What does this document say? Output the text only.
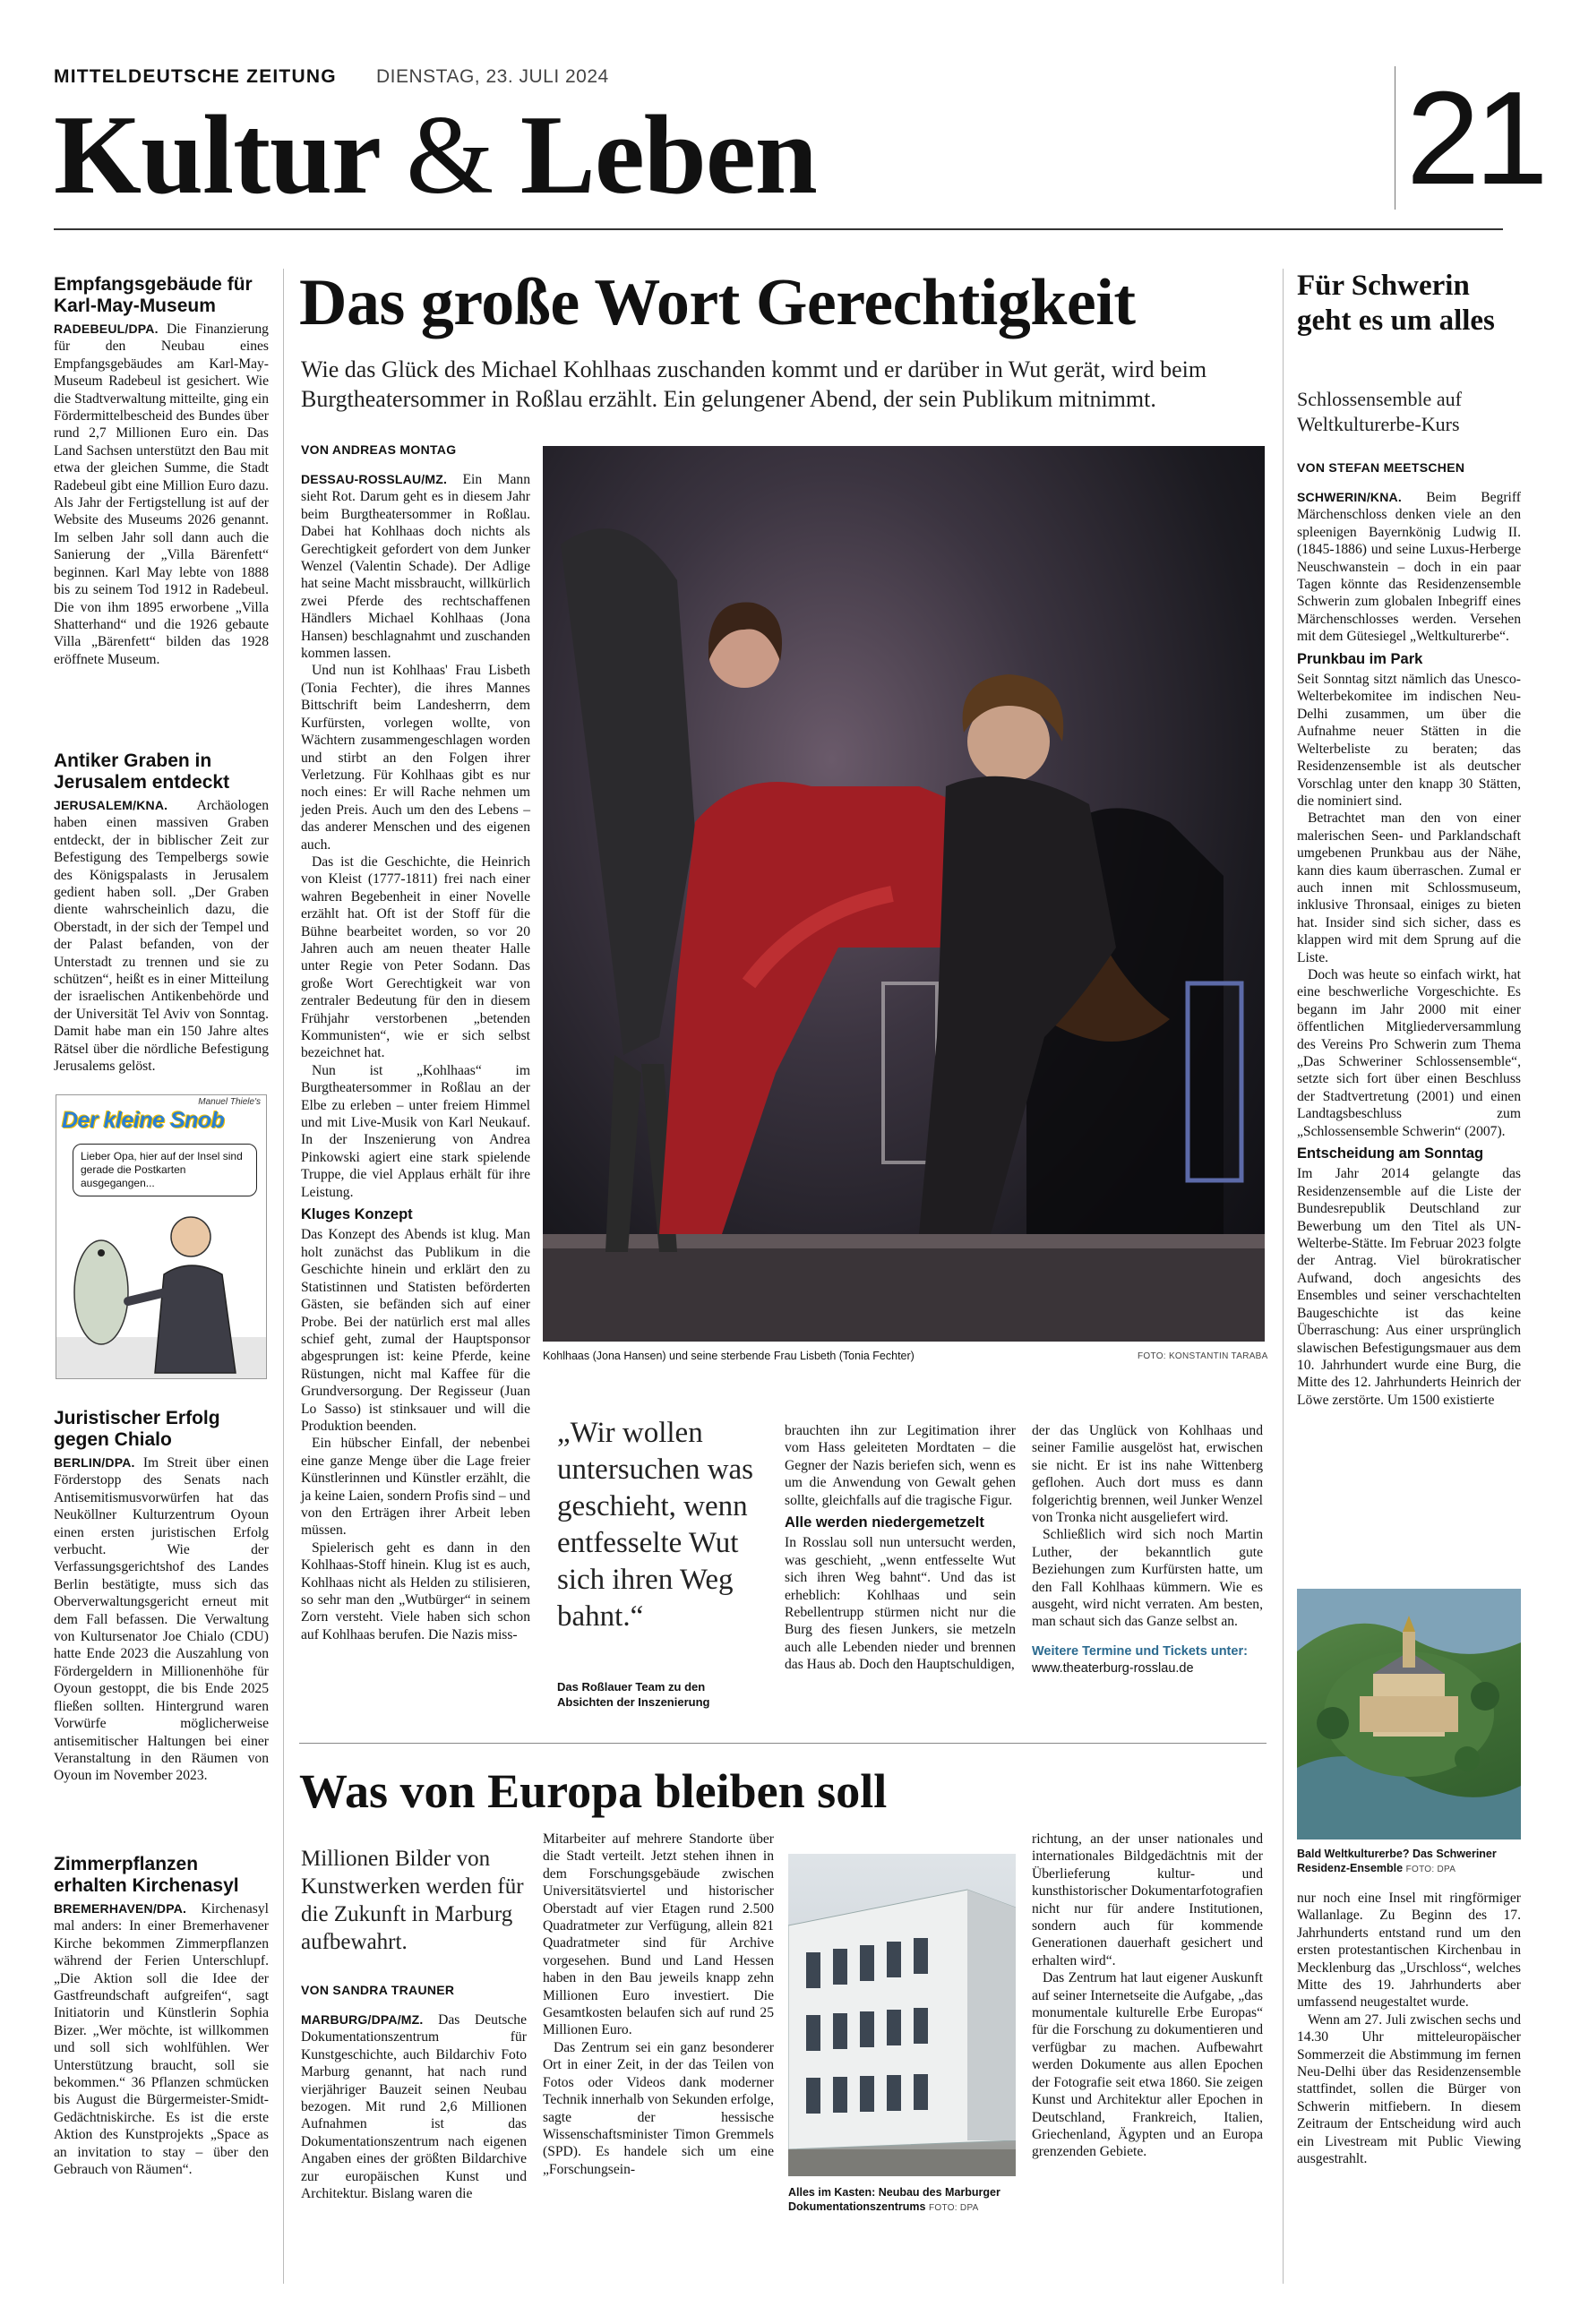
MITTELDEUTSCHE ZEITUNG DIENSTAG, 23. JULI 2024
Kultur & Leben	21
Empfangsgebäude für Karl-May-Museum
RADEBEUL/DPA. Die Finanzierung für den Neubau eines Empfangsgebäudes am Karl-May-Museum Radebeul ist gesichert. Wie die Stadtverwaltung mitteilte, ging ein Fördermittelbescheid des Bundes über rund 2,7 Millionen Euro ein. Das Land Sachsen unterstützt den Bau mit etwa der gleichen Summe, die Stadt Radebeul gibt eine Million Euro dazu. Als Jahr der Fertigstellung ist auf der Website des Museums 2026 genannt. Im selben Jahr soll dann auch die Sanierung der „Villa Bärenfett“ beginnen. Karl May lebte von 1888 bis zu seinem Tod 1912 in Radebeul. Die von ihm 1895 erworbene „Villa Shatterhand“ und die 1926 gebaute Villa „Bärenfett“ bilden das 1928 eröffnete Museum.
Antiker Graben in Jerusalem entdeckt
JERUSALEM/KNA. Archäologen haben einen massiven Graben entdeckt, der in biblischer Zeit zur Befestigung des Tempelbergs sowie des Königspalasts in Jerusalem gedient haben soll. „Der Graben diente wahrscheinlich dazu, die Oberstadt, in der sich der Tempel und der Palast befanden, von der Unterstadt zu trennen und sie zu schützen“, heißt es in einer Mitteilung der israelischen Antikenbehörde und der Universität Tel Aviv von Sonntag. Damit habe man ein 150 Jahre altes Rätsel über die nördliche Befestigung Jerusalems gelöst.
Manuel Thiele's
Der kleine Snob
Lieber Opa, hier auf der Insel sind gerade die Postkarten ausgegangen...
Juristischer Erfolg gegen Chialo
BERLIN/DPA. Im Streit über einen Förderstopp des Senats nach Antisemitismusvorwürfen hat das Neuköllner Kulturzentrum Oyoun einen ersten juristischen Erfolg verbucht. Wie der Verfassungsgerichtshof des Landes Berlin bestätigte, muss sich das Oberverwaltungsgericht erneut mit dem Fall befassen. Die Verwaltung von Kultursenator Joe Chialo (CDU) hatte Ende 2023 die Auszahlung von Fördergeldern in Millionenhöhe für Oyoun gestoppt, die bis Ende 2025 fließen sollten. Hintergrund waren Vorwürfe möglicherweise antisemitischer Haltungen bei einer Veranstaltung in den Räumen von Oyoun im November 2023.
Zimmerpflanzen erhalten Kirchenasyl
BREMERHAVEN/DPA. Kirchenasyl mal anders: In einer Bremerhavener Kirche bekommen Zimmerpflanzen während der Ferien Unterschlupf. „Die Aktion soll die Idee der Gastfreundschaft aufgreifen“, sagt Initiatorin und Künstlerin Sophia Bizer. „Wer möchte, ist willkommen und soll sich wohlfühlen. Wer Unterstützung braucht, soll sie bekommen.“ 36 Pflanzen schmücken bis August die Bürgermeister-Smidt-Gedächtniskirche. Es ist die erste Aktion des Kunstprojekts „Space as an invitation to stay – über den Gebrauch von Räumen“.
Das große Wort Gerechtigkeit
Wie das Glück des Michael Kohlhaas zuschanden kommt und er darüber in Wut gerät, wird beim Burgtheatersommer in Roßlau erzählt. Ein gelungener Abend, der sein Publikum mitnimmt.
VON ANDREAS MONTAG

DESSAU-ROSSLAU/MZ. Ein Mann sieht Rot. Darum geht es in diesem Jahr beim Burgtheatersommer in Roßlau. Dabei hat Kohlhaas doch nichts als Gerechtigkeit gefordert von dem Junker Wenzel (Valentin Schade). Der Adlige hat seine Macht missbraucht, willkürlich zwei Pferde des rechtschaffenen Händlers Michael Kohlhaas (Jona Hansen) beschlagnahmt und zuschanden kommen lassen.

Und nun ist Kohlhaas' Frau Lisbeth (Tonia Fechter), die ihres Mannes Bittschrift beim Landesherrn, dem Kurfürsten, vorlegen wollte, von Wächtern zusammengeschlagen worden und stirbt an den Folgen ihrer Verletzung. Für Kohlhaas gibt es nur noch eines: Er will Rache nehmen um jeden Preis. Auch um den des Lebens – das anderer Menschen und des eigenen auch.

Das ist die Geschichte, die Heinrich von Kleist (1777-1811) frei nach einer wahren Begebenheit in einer Novelle erzählt hat. Oft ist der Stoff für die Bühne bearbeitet worden, so vor 20 Jahren auch am neuen theater Halle unter Regie von Peter Sodann. Das große Wort Gerechtigkeit war von zentraler Bedeutung für den in diesem Frühjahr verstorbenen „betenden Kommunisten“, wie er sich selbst bezeichnet hat.

Nun ist „Kohlhaas“ im Burgtheatersommer in Roßlau an der Elbe zu erleben – unter freiem Himmel und mit Live-Musik von Karl Neukauf. In der Inszenierung von Andrea Pinkowski agiert eine stark spielende Truppe, die viel Applaus erhält für ihre Leistung.

Kluges Konzept

Das Konzept des Abends ist klug. Man holt zunächst das Publikum in die Geschichte hinein und erklärt den zu Statistinnen und Statisten beförderten Gästen, sie befänden sich auf einer Probe. Bei der natürlich erst mal alles schief geht, zumal der Hauptsponsor abgesprungen ist: keine Pferde, keine Rüstungen, nicht mal Kaffee für die Grundversorgung. Der Regisseur (Juan Lo Sasso) ist stinksauer und will die Produktion beenden.

Ein hübscher Einfall, der nebenbei eine ganze Menge über die Lage freier Künstlerinnen und Künstler erzählt, die ja keine Laien, sondern Profis sind – und von den Erträgen ihrer Arbeit leben müssen.

Spielerisch geht es dann in den Kohlhaas-Stoff hinein. Klug ist es auch, Kohlhaas nicht als Helden zu stilisieren, so sehr man den „Wutbürger“ in seinem Zorn versteht. Viele haben sich schon auf Kohlhaas berufen. Die Nazis miss-

Kohlhaas (Jona Hansen) und seine sterbende Frau Lisbeth (Tonia Fechter)	FOTO: KONSTANTIN TARABA
„Wir wollen untersuchen was geschieht, wenn entfesselte Wut sich ihren Weg bahnt.“
Das Roßlauer Team zu den Absichten der Inszenierung

brauchten ihn zur Legitimation ihrer vom Hass geleiteten Mordtaten – die Gegner der Nazis beriefen sich, wenn es um die Anwendung von Gewalt gehen sollte, gleichfalls auf die tragische Figur.

Alle werden niedergemetzelt

In Rosslau soll nun untersucht werden, was geschieht, „wenn entfesselte Wut sich ihren Weg bahnt“. Und das ist erheblich: Kohlhaas und sein Rebellentrupp stürmen nicht nur die Burg des fiesen Junkers, sie metzeln auch alle Lebenden nieder und brennen das Haus ab. Doch den Hauptschuldigen,

der das Unglück von Kohlhaas und seiner Familie ausgelöst hat, erwischen sie nicht. Er ist ins nahe Wittenberg geflohen. Auch dort muss es dann folgerichtig brennen, weil Junker Wenzel von Tronka nicht ausgeliefert wird.

Schließlich wird sich noch Martin Luther, der bekanntlich gute Beziehungen zum Kurfürsten hatte, um den Fall Kohlhaas kümmern. Wie es ausgeht, wird nicht verraten. Am besten, man schaut sich das Ganze selbst an.

Weitere Termine und Tickets unter:
www.theaterburg-rosslau.de
Was von Europa bleiben soll
Millionen Bilder von Kunstwerken werden für die Zukunft in Marburg aufbewahrt.
VON SANDRA TRAUNER

MARBURG/DPA/MZ. Das Deutsche Dokumentationszentrum für Kunstgeschichte, auch Bildarchiv Foto Marburg genannt, hat nach rund vierjähriger Bauzeit seinen Neubau bezogen. Mit rund 2,6 Millionen Aufnahmen ist das Dokumentationszentrum nach eigenen Angaben eines der größten Bildarchive zur europäischen Kunst und Architektur. Bislang waren die

Mitarbeiter auf mehrere Standorte über die Stadt verteilt. Jetzt stehen ihnen in dem Forschungsgebäude zwischen Universitätsviertel und historischer Oberstadt auf vier Etagen rund 2.500 Quadratmeter zur Verfügung, allein 821 Quadratmeter sind für Archive vorgesehen. Bund und Land Hessen haben in den Bau jeweils knapp zehn Millionen Euro investiert. Die Gesamtkosten belaufen sich auf rund 25 Millionen Euro.

Das Zentrum sei ein ganz besonderer Ort in einer Zeit, in der das Teilen von Fotos oder Videos dank moderner Technik innerhalb von Sekunden erfolge, sagte der hessische Wissenschaftsminister Timon Gremmels (SPD). Es handele sich um eine „Forschungsein-

Alles im Kasten: Neubau des Marburger Dokumentationszentrums FOTO: DPA

richtung, an der unser nationales und internationales Bildgedächtnis mit der Überlieferung kultur- und kunsthistorischer Dokumentarfotografien nicht nur für andere Institutionen, sondern auch für kommende Generationen dauerhaft gesichert und erhalten wird“.

Das Zentrum hat laut eigener Auskunft auf seiner Internetseite die Aufgabe, „das monumentale kulturelle Erbe Europas“ für die Forschung zu dokumentieren und verfügbar zu machen. Aufbewahrt werden Dokumente aus allen Epochen der Fotografie seit etwa 1860. Sie zeigen Kunst und Architektur aller Epochen in Deutschland, Frankreich, Italien, Griechenland, Ägypten und an Europa grenzenden Gebiete.

Für Schwerin geht es um alles
Schlossensemble auf Weltkulturerbe-Kurs
VON STEFAN MEETSCHEN

SCHWERIN/KNA. Beim Begriff Märchenschloss denken viele an den spleenigen Bayernkönig Ludwig II. (1845-1886) und seine Luxus-Herberge Neuschwanstein – doch in ein paar Tagen könnte das Residenzensemble Schwerin zum globalen Inbegriff eines Märchenschlosses werden. Versehen mit dem Gütesiegel „Weltkulturerbe“.

Prunkbau im Park

Seit Sonntag sitzt nämlich das Unesco-Welterbekomitee im indischen Neu-Delhi zusammen, um über die Aufnahme neuer Stätten in die Welterbeliste zu beraten; das Residenzensemble ist als deutscher Vorschlag unter den knapp 30 Stätten, die nominiert sind.

Betrachtet man den von einer malerischen Seen- und Parklandschaft umgebenen Prunkbau aus der Nähe, kann dies kaum überraschen. Zumal er auch innen mit Schlossmuseum, inklusive Thronsaal, einiges zu bieten hat. Insider sind sich sicher, dass es klappen wird mit dem Sprung auf die Liste.

Doch was heute so einfach wirkt, hat eine beschwerliche Vorgeschichte. Es begann im Jahr 2000 mit einer öffentlichen Mitgliederversammlung des Vereins Pro Schwerin zum Thema „Das Schweriner Schlossensemble“, setzte sich fort über einen Beschluss der Stadtvertretung (2001) und einen Landtagsbeschluss zum „Schlossensemble Schwerin“ (2007).

Entscheidung am Sonntag

Im Jahr 2014 gelangte das Residenzensemble auf die Liste der Bundesrepublik Deutschland zur Bewerbung um den Titel als UN-Welterbe-Stätte. Im Februar 2023 folgte der Antrag. Viel bürokratischer Aufwand, doch angesichts des Ensembles und seiner verschachtelten Baugeschichte ist das keine Überraschung: Aus einer ursprünglich slawischen Befestigungsmauer aus dem 10. Jahrhundert wurde eine Burg, die Mitte des 12. Jahrhunderts Heinrich der Löwe zerstörte. Um 1500 existierte

Bald Weltkulturerbe? Das Schweriner Residenz-Ensemble FOTO: DPA

nur noch eine Insel mit ringförmiger Wallanlage. Zu Beginn des 17. Jahrhunderts entstand rund um den ersten protestantischen Kirchenbau in Mecklenburg das „Urschloss“, welches Mitte des 19. Jahrhunderts aber umfassend neugestaltet wurde.

Wenn am 27. Juli zwischen sechs und 14.30 Uhr mitteleuropäischer Sommerzeit die Abstimmung im fernen Neu-Delhi über das Residenzensemble stattfindet, sollen die Bürger von Schwerin mitfiebern. In diesem Zeitraum der Entscheidung wird auch ein Livestream mit Public Viewing ausgestrahlt.
